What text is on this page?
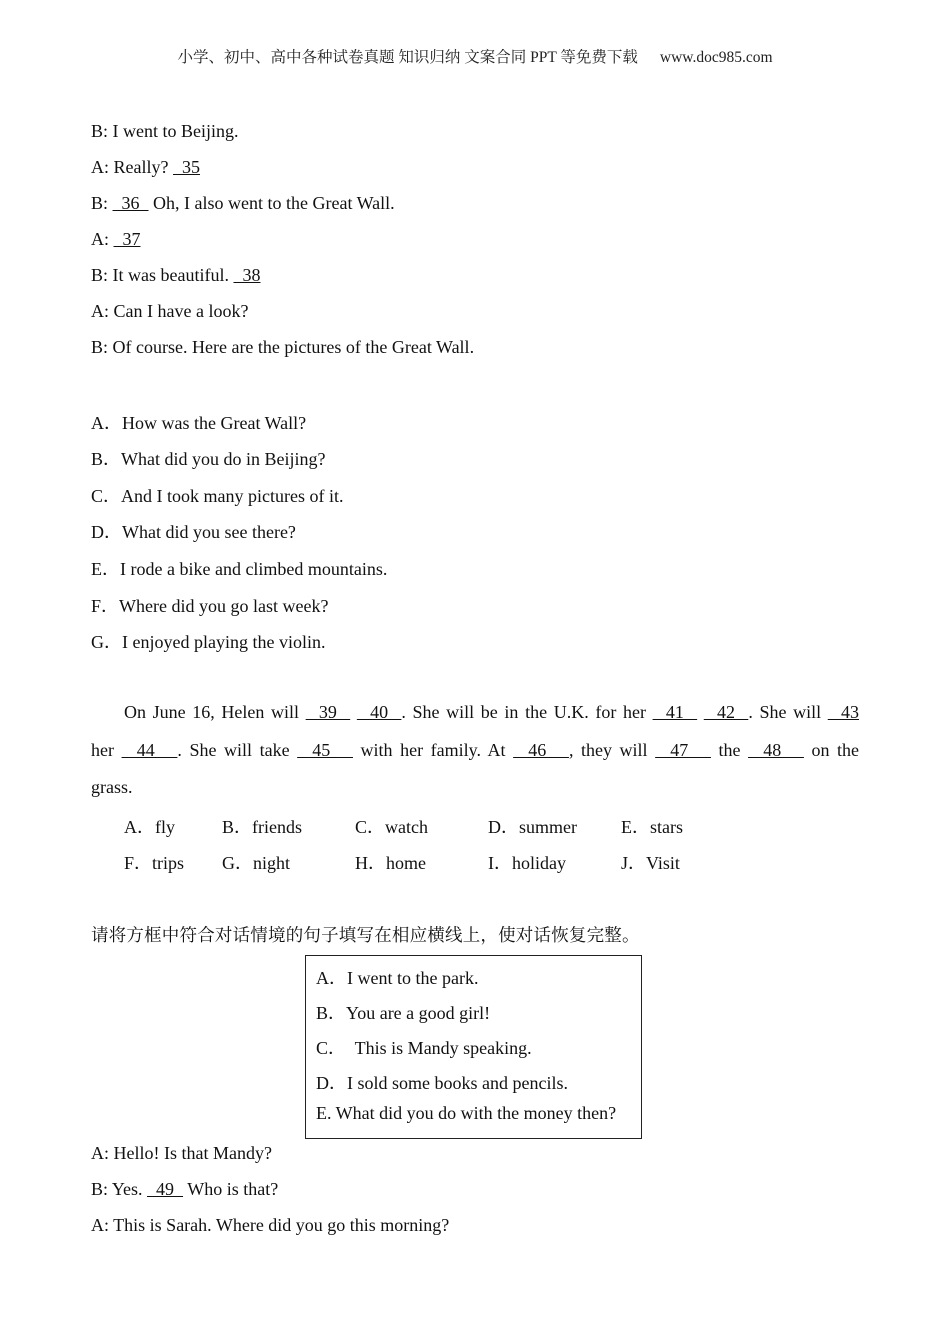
小学、初中、高中各种试卷真题 知识归纳 文案合同 PPT 等免费下载 www.doc985.com
B: I went to Beijing.
A: Really?   35
B:   36   Oh, I also went to the Great Wall.
A:   37
B: It was beautiful.   38
A: Can I have a look?
B: Of course. Here are the pictures of the Great Wall.
A．How was the Great Wall?
B．What did you do in Beijing?
C．And I took many pictures of it.
D．What did you see there?
E．I rode a bike and climbed mountains.
F．Where did you go last week?
G．I enjoyed playing the violin.
On June 16, Helen will   39     40  . She will be in the U.K. for her   41     42  . She will   43
her   44   . She will take   45    with her family. At   46   , they will   47    the   48    on the
grass.
A．fly	B．friends	C．watch	D．summer E．stars
F．trips G．night	H．home	I．holiday	J．Visit
请将方框中符合对话情境的句子填写在相应横线上，使对话恢复完整。
A．I went to the park.
B．You are a good girl!
C．  This is Mandy speaking.
D．I sold some books and pencils.
E. What did you do with the money then?
A: Hello! Is that Mandy?
B: Yes.   49   Who is that?
A: This is Sarah. Where did you go this morning?
